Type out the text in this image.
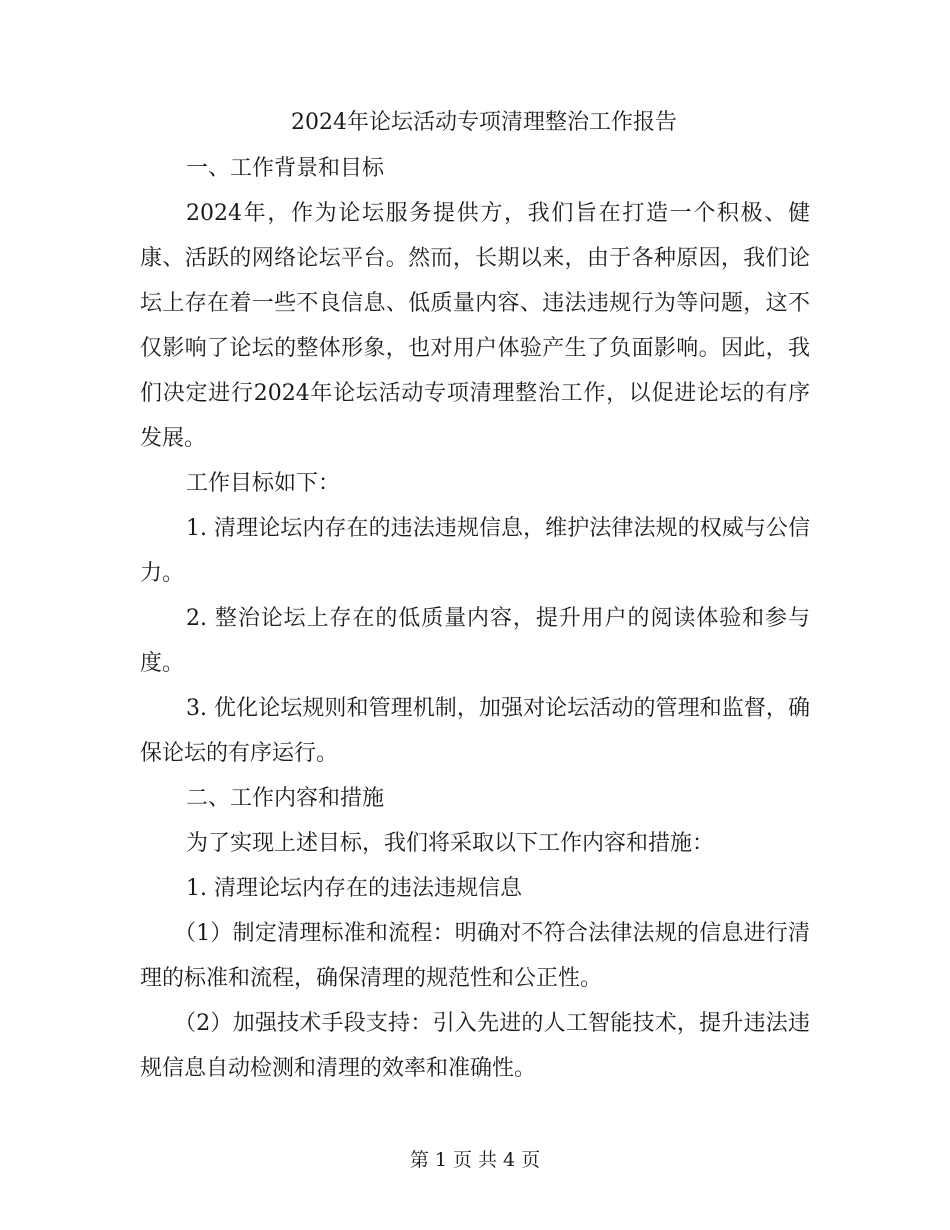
2024年论坛活动专项清理整治工作报告

一、工作背景和目标

2024年，作为论坛服务提供方，我们旨在打造一个积极、健康、活跃的网络论坛平台。然而，长期以来，由于各种原因，我们论坛上存在着一些不良信息、低质量内容、违法违规行为等问题，这不仅影响了论坛的整体形象，也对用户体验产生了负面影响。因此，我们决定进行2024年论坛活动专项清理整治工作，以促进论坛的有序发展。

工作目标如下：

1. 清理论坛内存在的违法违规信息，维护法律法规的权威与公信力。

2. 整治论坛上存在的低质量内容，提升用户的阅读体验和参与度。

3. 优化论坛规则和管理机制，加强对论坛活动的管理和监督，确保论坛的有序运行。

二、工作内容和措施

为了实现上述目标，我们将采取以下工作内容和措施：

1. 清理论坛内存在的违法违规信息

（1）制定清理标准和流程：明确对不符合法律法规的信息进行清理的标准和流程，确保清理的规范性和公正性。

（2）加强技术手段支持：引入先进的人工智能技术，提升违法违规信息自动检测和清理的效率和准确性。

第 1 页 共 4 页
